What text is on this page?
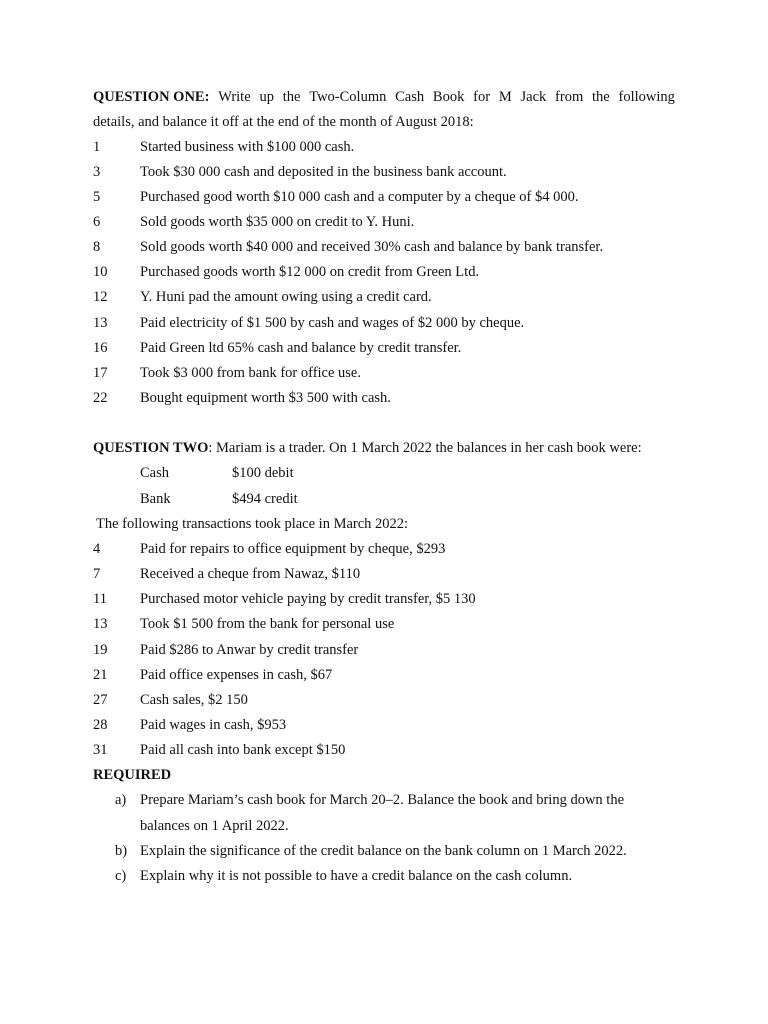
QUESTION ONE: Write up the Two-Column Cash Book for M Jack from the following
details, and balance it off at the end of the month of August 2018:
1	Started business with $100 000 cash.
3	Took $30 000 cash and deposited in the business bank account.
5	Purchased good worth $10 000 cash and a computer by a cheque of $4 000.
6	Sold goods worth $35 000 on credit to Y. Huni.
8	Sold goods worth $40 000 and received 30% cash and balance by bank transfer.
10	Purchased goods worth $12 000 on credit from Green Ltd.
12	Y. Huni pad the amount owing using a credit card.
13	Paid electricity of $1 500 by cash and wages of $2 000 by cheque.
16	Paid Green ltd 65% cash and balance by credit transfer.
17	Took $3 000 from bank for office use.
22	Bought equipment worth $3 500 with cash.
QUESTION TWO: Mariam is a trader. On 1 March 2022 the balances in her cash book were:
Cash	$100 debit
Bank	$494 credit
The following transactions took place in March 2022:
4	Paid for repairs to office equipment by cheque, $293
7	Received a cheque from Nawaz, $110
11	Purchased motor vehicle paying by credit transfer, $5 130
13	Took $1 500 from the bank for personal use
19	Paid $286 to Anwar by credit transfer
21	Paid office expenses in cash, $67
27	Cash sales, $2 150
28	Paid wages in cash, $953
31	Paid all cash into bank except $150
REQUIRED
a) Prepare Mariam’s cash book for March 20–2. Balance the book and bring down the
balances on 1 April 2022.
b) Explain the significance of the credit balance on the bank column on 1 March 2022.
c) Explain why it is not possible to have a credit balance on the cash column.
